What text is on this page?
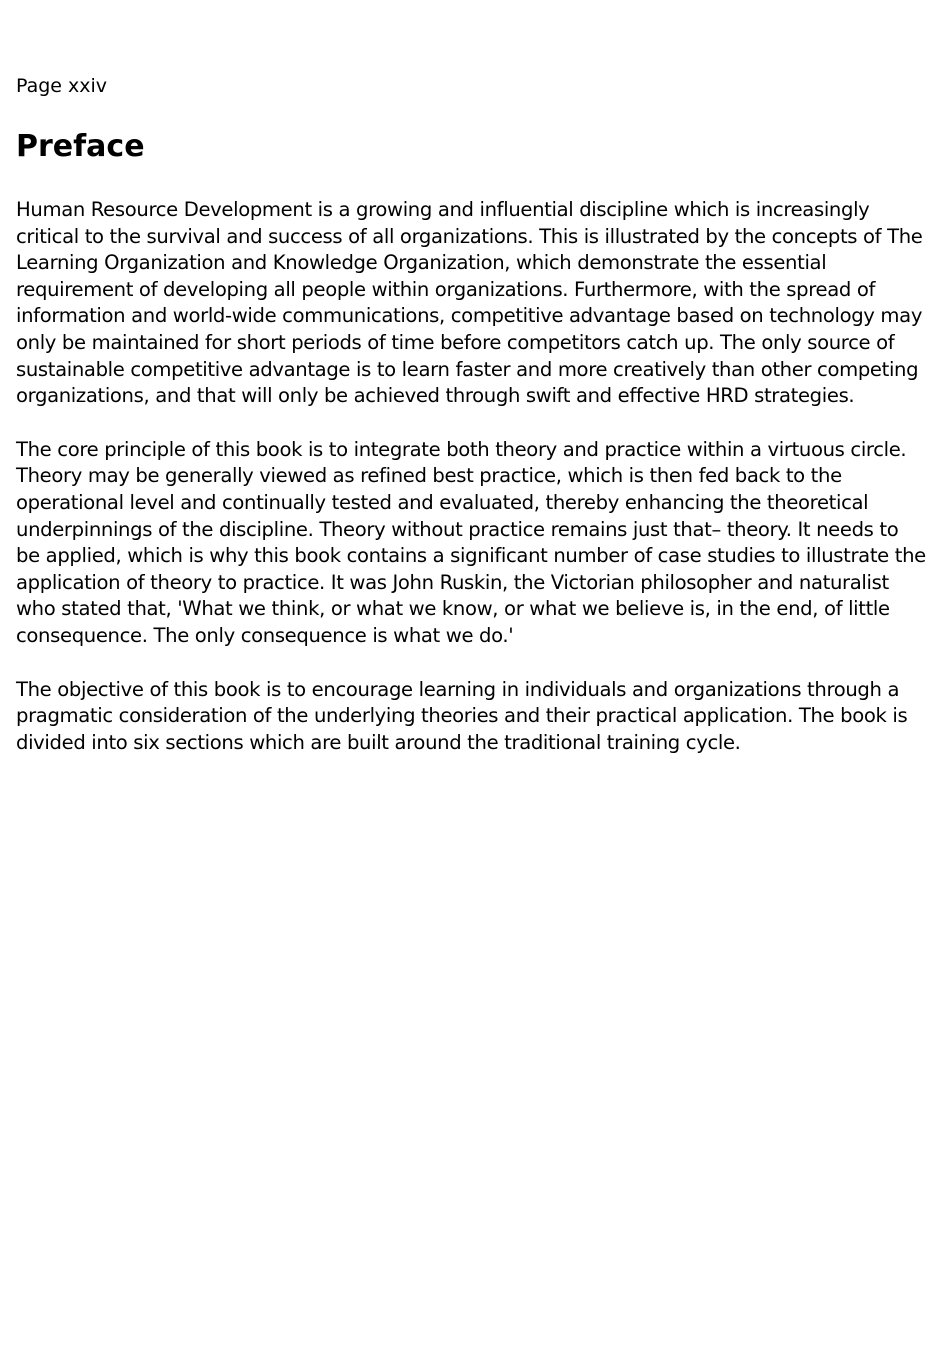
Page xxiv

Preface

Human Resource Development is a growing and influential discipline which is increasingly critical to the survival and success of all organizations. This is illustrated by the concepts of The Learning Organization and Knowledge Organization, which demonstrate the essential requirement of developing all people within organizations. Furthermore, with the spread of information and world-wide communications, competitive advantage based on technology may only be maintained for short periods of time before competitors catch up. The only source of sustainable competitive advantage is to learn faster and more creatively than other competing organizations, and that will only be achieved through swift and effective HRD strategies.

The core principle of this book is to integrate both theory and practice within a virtuous circle. Theory may be generally viewed as refined best practice, which is then fed back to the operational level and continually tested and evaluated, thereby enhancing the theoretical underpinnings of the discipline. Theory without practice remains just that– theory. It needs to be applied, which is why this book contains a significant number of case studies to illustrate the application of theory to practice. It was John Ruskin, the Victorian philosopher and naturalist who stated that, 'What we think, or what we know, or what we believe is, in the end, of little consequence. The only consequence is what we do.'

The objective of this book is to encourage learning in individuals and organizations through a pragmatic consideration of the underlying theories and their practical application. The book is divided into six sections which are built around the traditional training cycle.
